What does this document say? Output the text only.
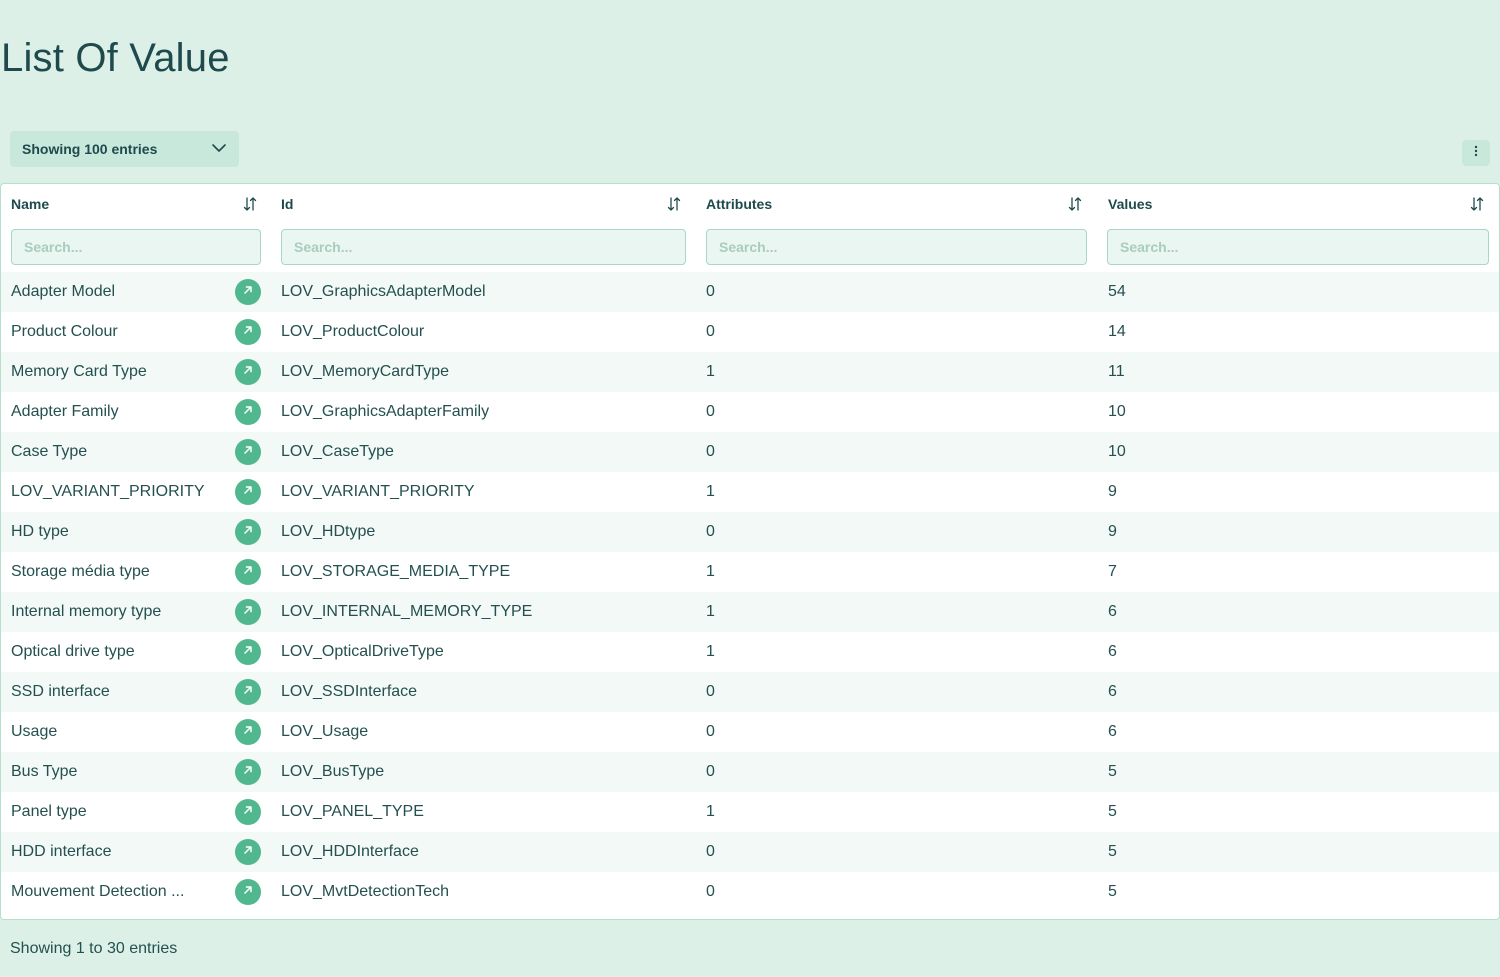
List Of Value
Showing 100 entries
Name	Id	Attributes	Values
Search...
Search...
Search...
Search...
Adapter Model	LOV_GraphicsAdapterModel	0	54
Product Colour	LOV_ProductColour	0	14
Memory Card Type	LOV_MemoryCardType	1	11
Adapter Family	LOV_GraphicsAdapterFamily	0	10
Case Type	LOV_CaseType	0	10
LOV_VARIANT_PRIORITY	LOV_VARIANT_PRIORITY	1	9
HD type	LOV_HDtype	0	9
Storage média type	LOV_STORAGE_MEDIA_TYPE	1	7
Internal memory type	LOV_INTERNAL_MEMORY_TYPE	1	6
Optical drive type	LOV_OpticalDriveType	1	6
SSD interface	LOV_SSDInterface	0	6
Usage	LOV_Usage	0	6
Bus Type	LOV_BusType	0	5
Panel type	LOV_PANEL_TYPE	1	5
HDD interface	LOV_HDDInterface	0	5
Mouvement Detection ...	LOV_MvtDetectionTech	0	5
Showing 1 to 30 entries
